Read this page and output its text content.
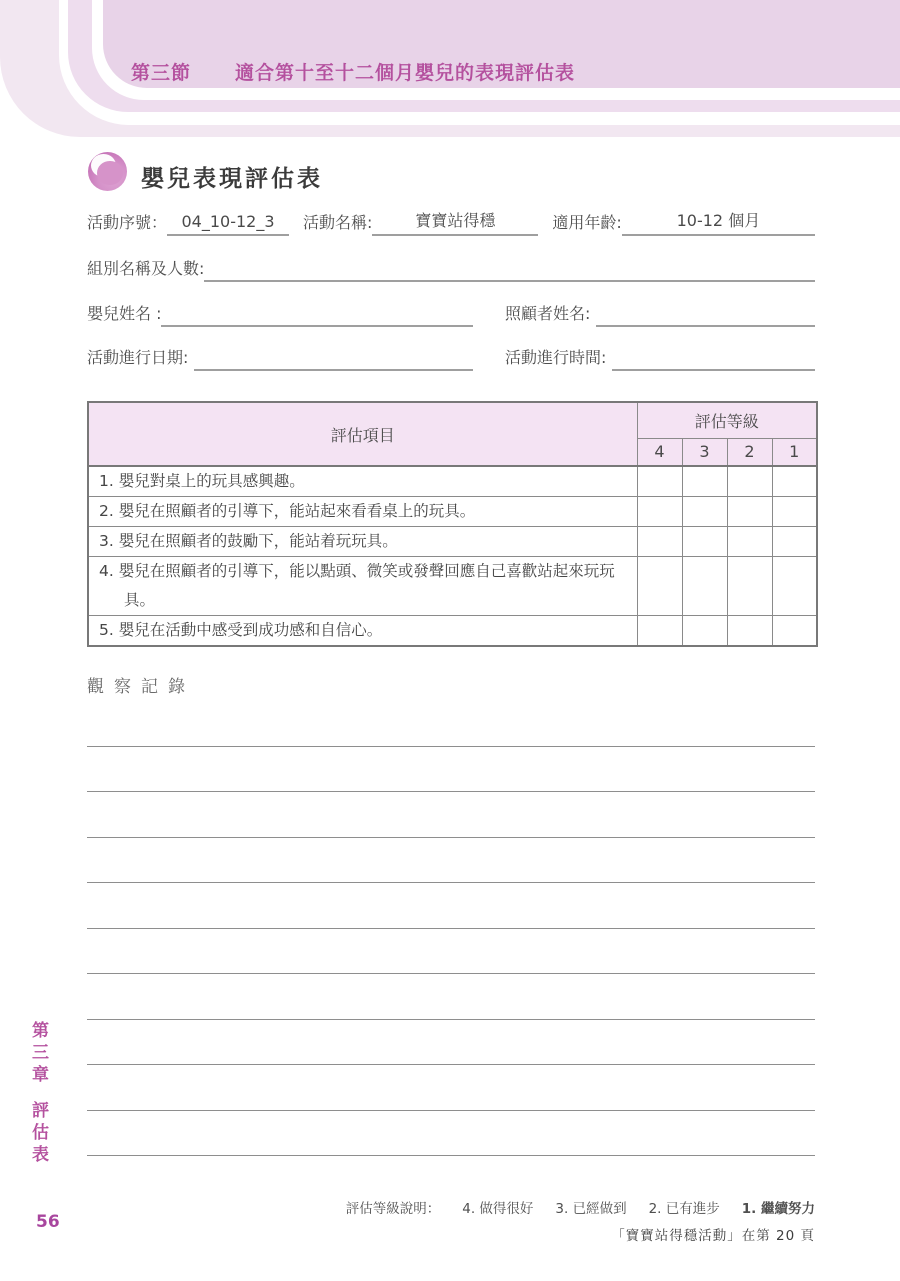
第三節 適合第十至十二個月嬰兒的表現評估表
嬰兒表現評估表
活動序號： 04_10-12_3	活動名稱:	寶寶站得穩	適用年齡:	10-12 個月
組別名稱及人數:
嬰兒姓名 :	照顧者姓名:
活動進行日期:	活動進行時間:
評估項目	評估等級			
	4	3	2	1
1. 嬰兒對桌上的玩具感興趣。				
2. 嬰兒在照顧者的引導下，能站起來看看桌上的玩具。				
3. 嬰兒在照顧者的鼓勵下，能站着玩玩具。				
4. 嬰兒在照顧者的引導下，能以點頭、微笑或發聲回應自己喜歡站起來玩玩具。				
5. 嬰兒在活動中感受到成功感和自信心。				
觀察記錄
第三章
評估表
評估等級說明： 4. 做得很好 3. 已經做到 2. 已有進步 1. 繼續努力
「寶寶站得穩活動」在第 20 頁
56
